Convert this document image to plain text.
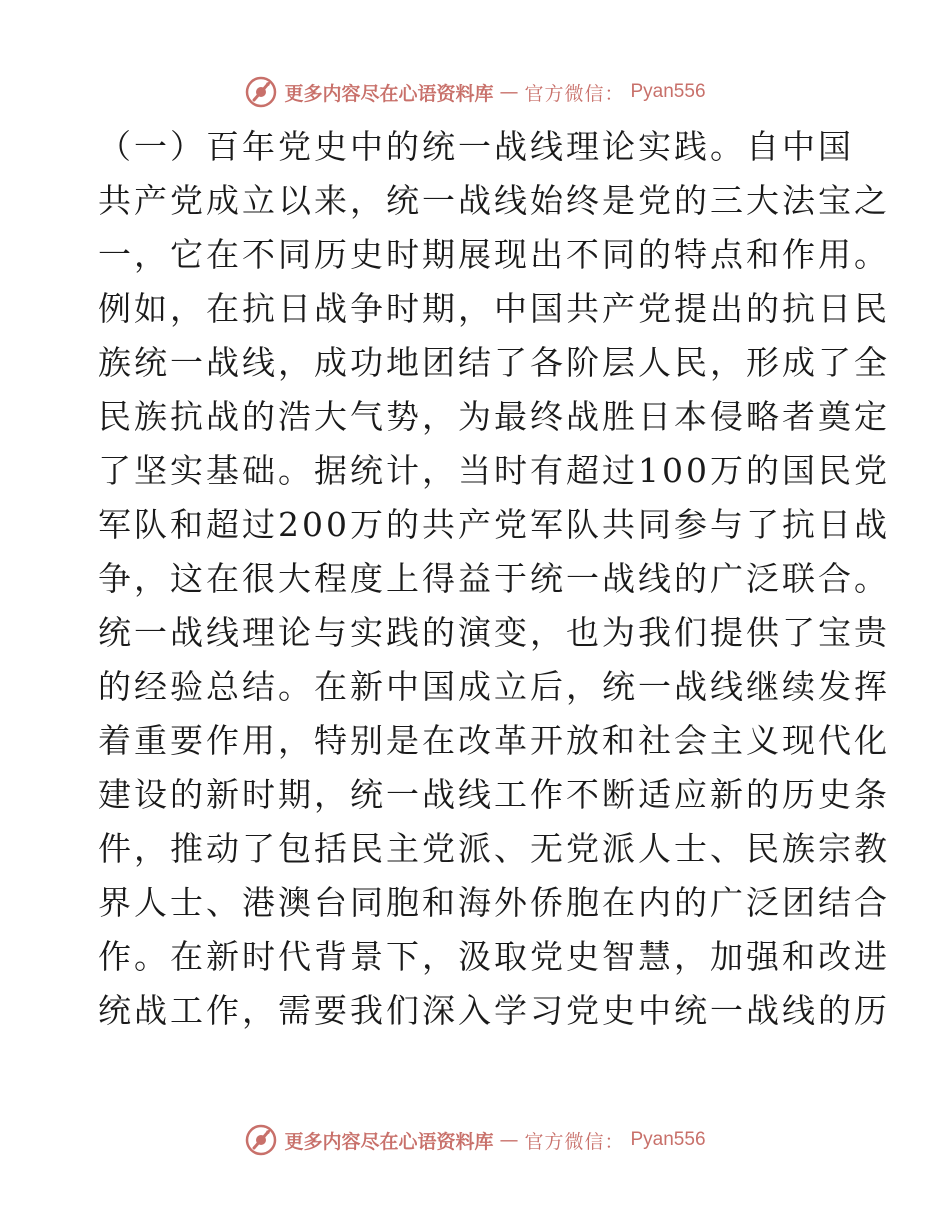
更多内容尽在心语资料库 — 官方微信： Pyan556
（一）百年党史中的统一战线理论实践。自中国
共产党成立以来，统一战线始终是党的三大法宝之
一，它在不同历史时期展现出不同的特点和作用。
例如，在抗日战争时期，中国共产党提出的抗日民
族统一战线，成功地团结了各阶层人民，形成了全
民族抗战的浩大气势，为最终战胜日本侵略者奠定
了坚实基础。据统计，当时有超过100万的国民党
军队和超过200万的共产党军队共同参与了抗日战
争，这在很大程度上得益于统一战线的广泛联合。
统一战线理论与实践的演变，也为我们提供了宝贵
的经验总结。在新中国成立后，统一战线继续发挥
着重要作用，特别是在改革开放和社会主义现代化
建设的新时期，统一战线工作不断适应新的历史条
件，推动了包括民主党派、无党派人士、民族宗教
界人士、港澳台同胞和海外侨胞在内的广泛团结合
作。在新时代背景下，汲取党史智慧，加强和改进
统战工作，需要我们深入学习党史中统一战线的历
更多内容尽在心语资料库 — 官方微信： Pyan556
